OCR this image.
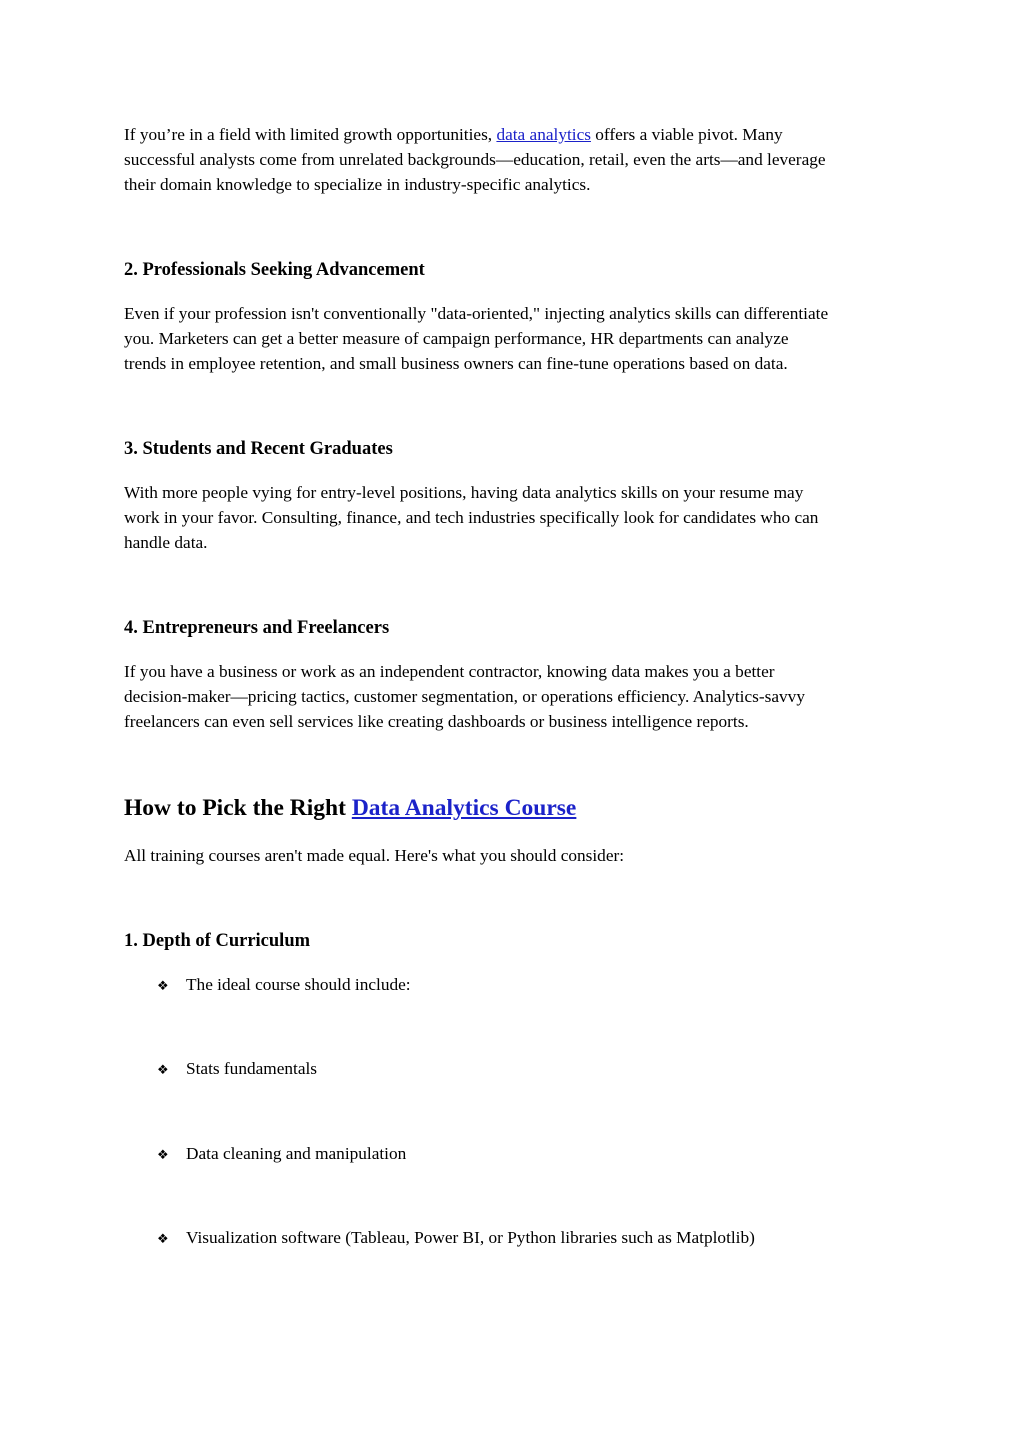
If you’re in a field with limited growth opportunities, data analytics offers a viable pivot. Many
successful analysts come from unrelated backgrounds—education, retail, even the arts—and leverage
their domain knowledge to specialize in industry-specific analytics.

2. Professionals Seeking Advancement

Even if your profession isn't conventionally "data-oriented," injecting analytics skills can differentiate
you. Marketers can get a better measure of campaign performance, HR departments can analyze
trends in employee retention, and small business owners can fine-tune operations based on data.

3. Students and Recent Graduates

With more people vying for entry-level positions, having data analytics skills on your resume may
work in your favor. Consulting, finance, and tech industries specifically look for candidates who can
handle data.

4. Entrepreneurs and Freelancers

If you have a business or work as an independent contractor, knowing data makes you a better
decision-maker—pricing tactics, customer segmentation, or operations efficiency. Analytics-savvy
freelancers can even sell services like creating dashboards or business intelligence reports.

How to Pick the Right Data Analytics Course

All training courses aren't made equal. Here's what you should consider:

1. Depth of Curriculum
❖ The ideal course should include:
❖ Stats fundamentals
❖ Data cleaning and manipulation
❖ Visualization software (Tableau, Power BI, or Python libraries such as Matplotlib)
